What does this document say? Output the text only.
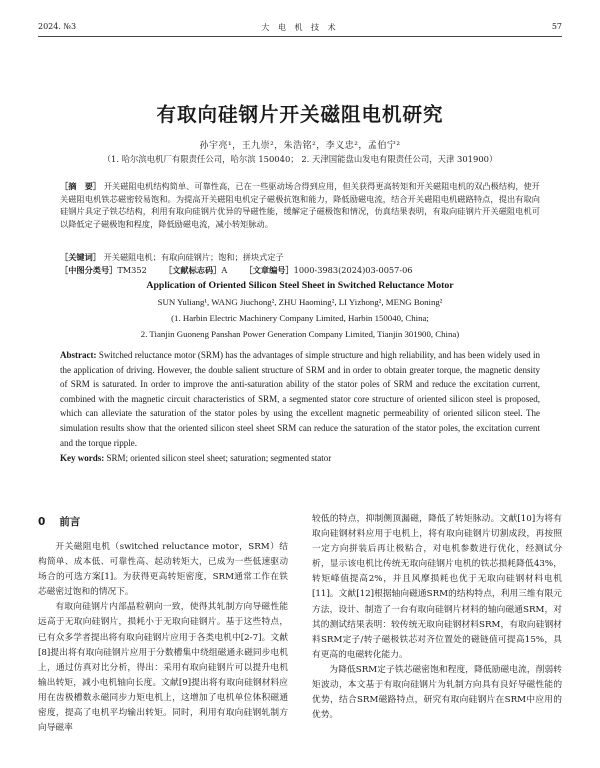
2024. №3	大 电 机 技 术	57
有取向硅钢片开关磁阻电机研究
孙宇亮¹，王九崇²，朱浩铭²，李义忠²，孟伯宁²
（1. 哈尔滨电机厂有限责任公司，哈尔滨 150040； 2. 天津国能盘山发电有限责任公司，天津 301900）
［摘　要］ 开关磁阻电机结构简单、可靠性高，已在一些驱动场合得到应用，但关获得更高转矩和开关磁阻电机的双凸极结构，使开关磁阻电机铁芯磁密较易饱和。为提高开关磁阻电机定子磁极抗饱和能力，降低励磁电流，结合开关磁阻电机磁路特点，提出有取向硅钢片具定子铁芯结构，利用有取向硅钢片优异的导磁性能，缓解定子磁极饱和情况，仿真结果表明，有取向硅钢片开关磁阻电机可以降低定子磁极饱和程度，降低励磁电流，减小转矩脉动。
［关键词］ 开关磁阻电机；有取向硅钢片；饱和；拼块式定子
［中图分类号］TM352 ［文献标志码］A ［文章编号］1000-3983(2024)03-0057-06
Application of Oriented Silicon Steel Sheet in Switched Reluctance Motor
SUN Yuliang¹, WANG Jiuchong², ZHU Haoming², LI Yizhong², MENG Boning²
(1. Harbin Electric Machinery Company Limited, Harbin 150040, China;
2. Tianjin Guoneng Panshan Power Generation Company Limited, Tianjin 301900, China)
Abstract: Switched reluctance motor (SRM) has the advantages of simple structure and high reliability, and has been widely used in the application of driving. However, the double salient structure of SRM and in order to obtain greater torque, the magnetic density of SRM is saturated. In order to improve the anti-saturation ability of the stator poles of SRM and reduce the excitation current, combined with the magnetic circuit characteristics of SRM, a segmented stator core structure of oriented silicon steel is proposed, which can alleviate the saturation of the stator poles by using the excellent magnetic permeability of oriented silicon steel. The simulation results show that the oriented silicon steel sheet SRM can reduce the saturation of the stator poles, the excitation current and the torque ripple.
Key words: SRM; oriented silicon steel sheet; saturation; segmented stator
0 前言

开关磁阻电机（switched reluctance motor，SRM）结构简单、成本低、可靠性高、起动转矩大，已成为一些低速驱动场合的可选方案[1]。为获得更高转矩密度，SRM通常工作在铁芯磁密过饱和的情况下。

有取向硅钢片内部晶粒朝向一致，使得其轧制方向导磁性能远高于无取向硅钢片，损耗小于无取向硅钢片。基于这些特点，已有众多学者提出将有取向硅钢片应用于各类电机中[2-7]。文献[8]提出将有取向硅钢片应用于分数槽集中绕组磁通永磁同步电机上，通过仿真对比分析，得出：采用有取向硅钢片可以提升电机输出转矩，减小电机轴向长度。文献[9]提出将有取向硅钢材料应用在齿极槽数永磁同步力矩电机上，这增加了电机单位体积磁通密度，提高了电机平均输出转矩。同时，利用有取向硅钢轧制方向导磁率

较低的特点，抑制侧顶漏磁，降低了转矩脉动。文献[10]为将有取向硅钢材料应用于电机上，将有取向硅钢片切割成段，再按照一定方向拼装后再让极粘合，对电机参数进行优化，经测试分析，显示该电机比传统无取向硅钢片电机的铁芯损耗降低43%，转矩峰值提高2%，并且风摩损耗也优于无取向硅钢材料电机[11]。文献[12]根据轴向磁通SRM的结构特点，利用三维有限元方法，设计、制造了一台有取向硅钢片材料的轴向磁通SRM，对其的测试结果表明：较传统无取向硅钢材料SRM，有取向硅钢材料SRM定子/转子磁极铁芯对齐位置处的磁链值可提高15%，具有更高的电磁转化能力。

为降低SRM定子铁芯磁密饱和程度，降低励磁电流，削弱转矩波动，本文基于有取向硅钢片为轧制方向具有良好导磁性能的优势，结合SRM磁路特点，研究有取向硅钢片在SRM中应用的优势。
